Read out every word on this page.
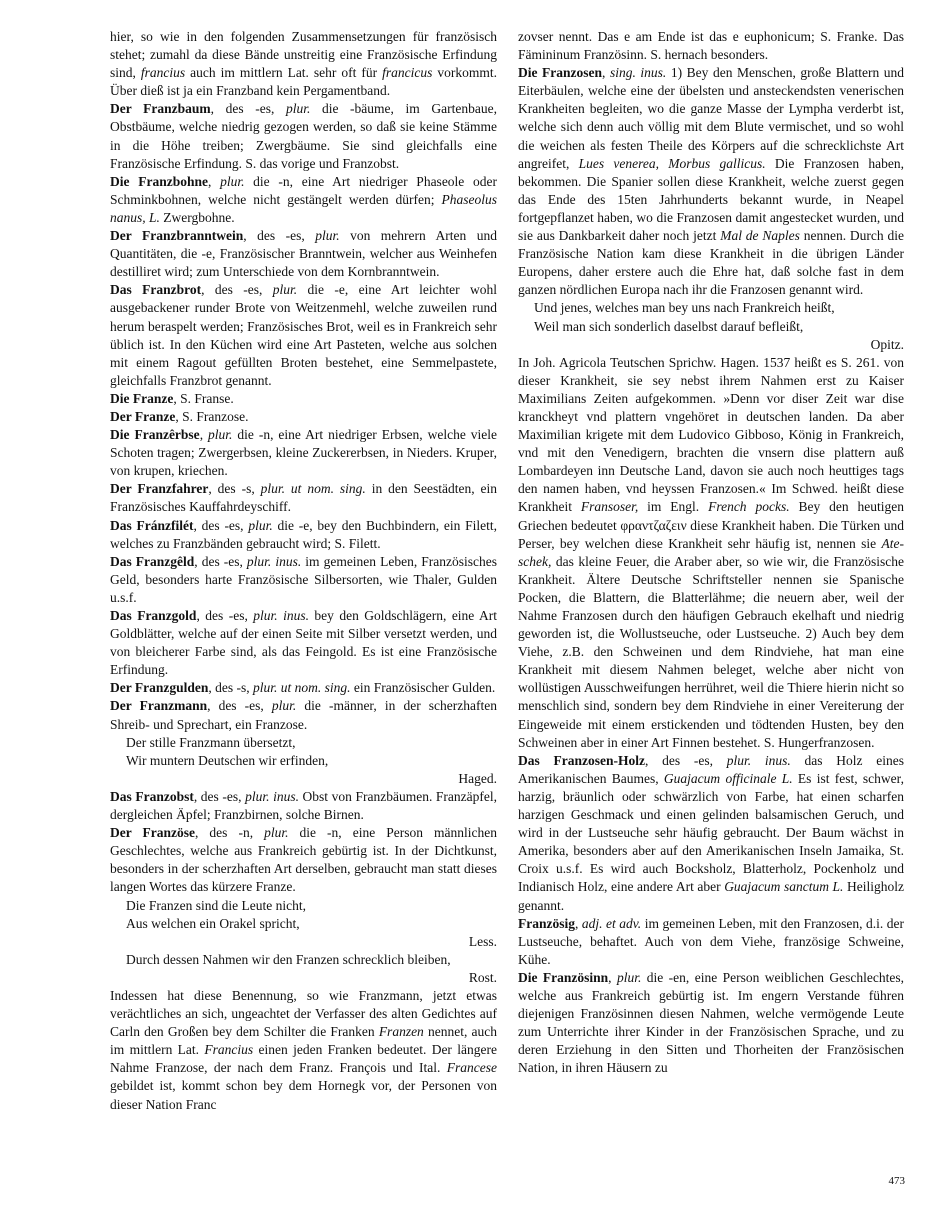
hier, so wie in den folgenden Zusammensetzungen für französisch stehet; zumahl da diese Bände unstreitig eine Französische Erfindung sind, francius auch im mittlern Lat. sehr oft für francicus vorkommt. Über dieß ist ja ein Franzband kein Pergamentband.

Der Franzbaum, des -es, plur. die -bäume, im Gartenbaue, Obstbäume, welche niedrig gezogen werden, so daß sie keine Stämme in die Höhe treiben; Zwergbäume. Sie sind gleichfalls eine Französische Erfindung. S. das vorige und Franzobst.

Die Franzbohne, plur. die -n, eine Art niedriger Phaseole oder Schminkbohnen, welche nicht gestängelt werden dürfen; Phaseolus nanus, L. Zwergbohne.

Der Franzbranntwein, des -es, plur. von mehrern Arten und Quantitäten, die -e, Französischer Branntwein, welcher aus Weinhefen destilliret wird; zum Unterschiede von dem Kornbranntwein.

Das Franzbrot, des -es, plur. die -e, eine Art leichter wohl ausgebackener runder Brote von Weitzenmehl, welche zuweilen rund herum beraspelt werden; Französisches Brot, weil es in Frankreich sehr üblich ist. In den Küchen wird eine Art Pasteten, welche aus solchen mit einem Ragout gefüllten Broten bestehet, eine Semmelpastete, gleichfalls Franzbrot genannt.

Die Franze, S. Franse.

Der Franze, S. Franzose.

Die Franzêrbse, plur. die -n, eine Art niedriger Erbsen, welche viele Schoten tragen; Zwergerbsen, kleine Zuckererbsen, in Nieders. Kruper, von krupen, kriechen.

Der Franzfahrer, des -s, plur. ut nom. sing. in den Seestädten, ein Französisches Kauffahrdeyschiff.

Das Fránzfilét, des -es, plur. die -e, bey den Buchbindern, ein Filett, welches zu Franzbänden gebraucht wird; S. Filett.

Das Franzgêld, des -es, plur. inus. im gemeinen Leben, Französisches Geld, besonders harte Französische Silbersorten, wie Thaler, Gulden u.s.f.

Das Franzgold, des -es, plur. inus. bey den Goldschlägern, eine Art Goldblätter, welche auf der einen Seite mit Silber versetzt werden, und von bleicherer Farbe sind, als das Feingold. Es ist eine Französische Erfindung.

Der Franzgulden, des -s, plur. ut nom. sing. ein Französischer Gulden.

Der Franzmann, des -es, plur. die -männer, in der scherzhaften Shreib- und Sprechart, ein Franzose.

Der stille Franzmann übersetzt,

Wir muntern Deutschen wir erfinden,

Haged.

Das Franzobst, des -es, plur. inus. Obst von Franzbäumen. Franzäpfel, dergleichen Äpfel; Franzbirnen, solche Birnen.

Der Französe, des -n, plur. die -n, eine Person männlichen Geschlechtes, welche aus Frankreich gebürtig ist. In der Dichtkunst, besonders in der scherzhaften Art derselben, gebraucht man statt dieses langen Wortes das kürzere Franze.

Die Franzen sind die Leute nicht,

Aus welchen ein Orakel spricht,

Less.

Durch dessen Nahmen wir den Franzen schrecklich bleiben,

Rost.

Indessen hat diese Benennung, so wie Franzmann, jetzt etwas verächtliches an sich, ungeachtet der Verfasser des alten Gedichtes auf Carln den Großen bey dem Schilter die Franken Franzen nennet, auch im mittlern Lat. Francius einen jeden Franken bedeutet. Der längere Nahme Franzose, der nach dem Franz. François und Ital. Francese gebildet ist, kommt schon bey dem Hornegk vor, der Personen von dieser Nation Franc

zovser nennt. Das e am Ende ist das e euphonicum; S. Franke. Das Fämininum Französinn. S. hernach besonders.

Die Franzosen, sing. inus. 1) Bey den Menschen, große Blattern und Eiterbäulen, welche eine der übelsten und ansteckendsten venerischen Krankheiten begleiten, wo die ganze Masse der Lympha verderbt ist, welche sich denn auch völlig mit dem Blute vermischet, und so wohl die weichen als festen Theile des Körpers auf die schrecklichste Art angreifet, Lues venerea, Morbus gallicus. Die Franzosen haben, bekommen. Die Spanier sollen diese Krankheit, welche zuerst gegen das Ende des 15ten Jahrhunderts bekannt wurde, in Neapel fortgepflanzet haben, wo die Franzosen damit angestecket wurden, und sie aus Dankbarkeit daher noch jetzt Mal de Naples nennen. Durch die Französische Nation kam diese Krankheit in die übrigen Länder Europens, daher erstere auch die Ehre hat, daß solche fast in dem ganzen nördlichen Europa nach ihr die Franzosen genannt wird.

Und jenes, welches man bey uns nach Frankreich heißt,

Weil man sich sonderlich daselbst darauf befleißt,

Opitz.

In Joh. Agricola Teutschen Sprichw. Hagen. 1537 heißt es S. 261. von dieser Krankheit, sie sey nebst ihrem Nahmen erst zu Kaiser Maximilians Zeiten aufgekommen. »Denn vor diser Zeit war dise kranckheyt vnd plattern vngehöret in deutschen landen. Da aber Maximilian krigete mit dem Ludovico Gibboso, König in Frankreich, vnd mit den Venedigern, brachten die vnsern dise plattern auß Lombardeyen inn Deutsche Land, davon sie auch noch heuttiges tags den namen haben, vnd heyssen Franzosen.« Im Schwed. heißt diese Krankheit Fransoser, im Engl. French pocks. Bey den heutigen Griechen bedeutet φραντζαζειν diese Krankheit haben. Die Türken und Perser, bey welchen diese Krankheit sehr häufig ist, nennen sie Ateschek, das kleine Feuer, die Araber aber, so wie wir, die Französische Krankheit. Ältere Deutsche Schriftsteller nennen sie Spanische Pocken, die Blattern, die Blatterlähme; die neuern aber, weil der Nahme Franzosen durch den häufigen Gebrauch ekelhaft und niedrig geworden ist, die Wollustseuche, oder Lustseuche. 2) Auch bey dem Viehe, z.B. den Schweinen und dem Rindviehe, hat man eine Krankheit mit diesem Nahmen beleget, welche aber nicht von wollüstigen Ausschweifungen herrühret, weil die Thiere hierin nicht so menschlich sind, sondern bey dem Rindviehe in einer Vereiterung der Eingeweide mit einem erstickenden und tödtenden Husten, bey den Schweinen aber in einer Art Finnen bestehet. S. Hungerfranzosen.

Das Franzosen-Holz, des -es, plur. inus. das Holz eines Amerikanischen Baumes, Guajacum officinale L. Es ist fest, schwer, harzig, bräunlich oder schwärzlich von Farbe, hat einen scharfen harzigen Geschmack und einen gelinden balsamischen Geruch, und wird in der Lustseuche sehr häufig gebraucht. Der Baum wächst in Amerika, besonders aber auf den Amerikanischen Inseln Jamaika, St. Croix u.s.f. Es wird auch Bocksholz, Blatterholz, Pockenholz und Indianisch Holz, eine andere Art aber Guajacum sanctum L. Heiligholz genannt.

Französig, adj. et adv. im gemeinen Leben, mit den Franzosen, d.i. der Lustseuche, behaftet. Auch von dem Viehe, französige Schweine, Kühe.

Die Französinn, plur. die -en, eine Person weiblichen Geschlechtes, welche aus Frankreich gebürtig ist. Im engern Verstande führen diejenigen Französinnen diesen Nahmen, welche vermögende Leute zum Unterrichte ihrer Kinder in der Französischen Sprache, und zu deren Erziehung in den Sitten und Thorheiten der Französischen Nation, in ihren Häusern zu

473
